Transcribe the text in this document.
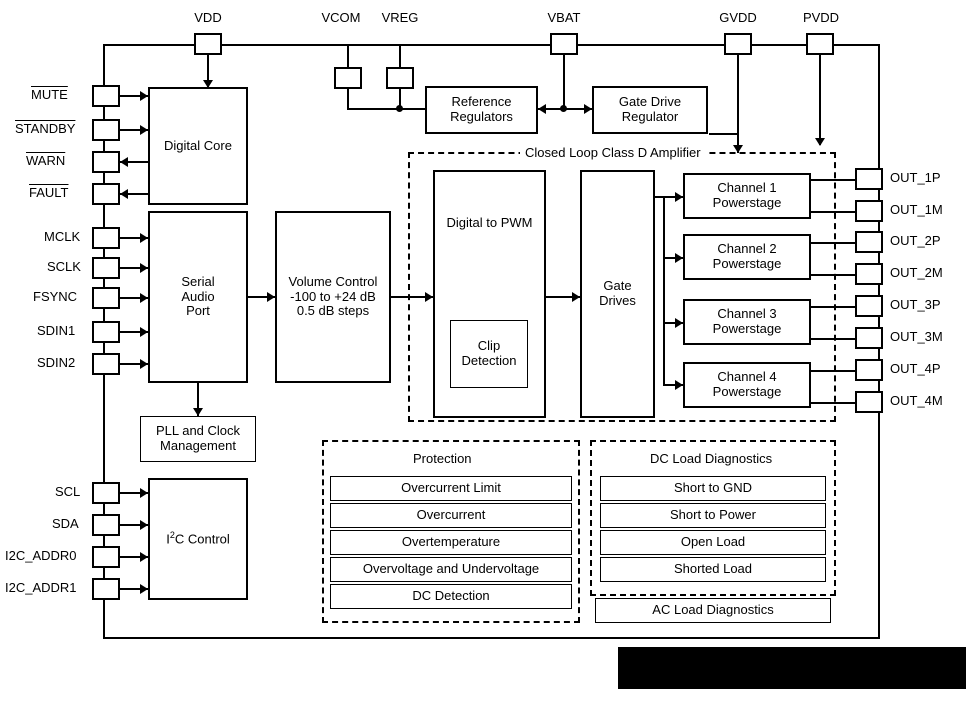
VDD	VCOM	VREG	VBAT	GVDD	PVDD
MUTE
STANDBY
WARN
FAULT
MCLK
SCLK
FSYNC
SDIN1
SDIN2
SCL
SDA
I2C_ADDR0
I2C_ADDR1
Digital Core
Serial
Audio
Port
Volume Control
-100 to +24 dB
0.5 dB steps
PLL and Clock
Management
$I^2C$ Control
Reference
Regulators
Gate Drive
Regulator
Closed Loop Class D Amplifier
Digital to PWM
Clip
Detection
Gate
Drives
Channel 1
Powerstage
Channel 2
Powerstage
Channel 3
Powerstage
Channel 4
Powerstage
OUT_1P
OUT_1M
OUT_2P
OUT_2M
OUT_3P
OUT_3M
OUT_4P
OUT_4M
Protection
Overcurrent Limit
Overcurrent
Overtemperature
Overvoltage and Undervoltage
DC Detection
DC Load Diagnostics
Short to GND
Short to Power
Open Load
Shorted Load
AC Load Diagnostics
